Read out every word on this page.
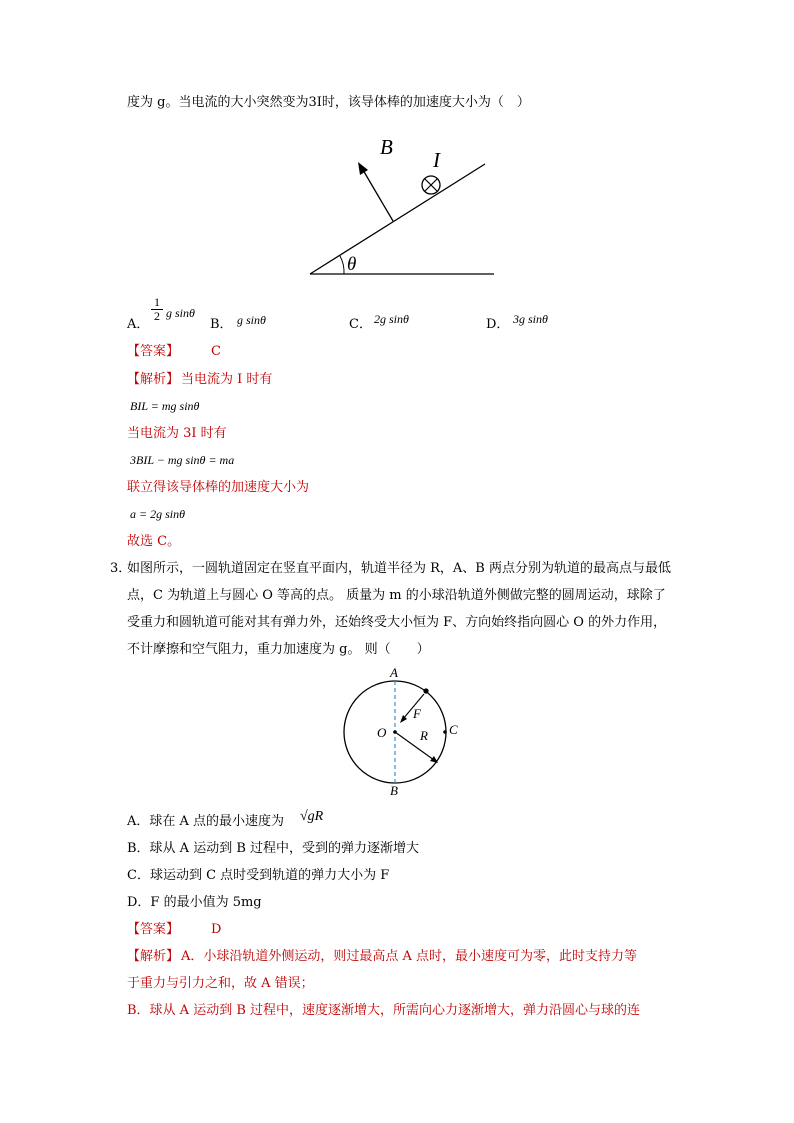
度为 g。当电流的大小突然变为3I时，该导体棒的加速度大小为（　）
B
I
θ
A．
1
2 g sinθ
B． g sinθ	C． 2g sinθ	D． 3g sinθ
【答案】 C
【解析】 当电流为 I 时有
BIL = mg sinθ
当电流为 3I 时有
3BIL − mg sinθ = ma
联立得该导体棒的加速度大小为
a = 2g sinθ
故选 C。
3．
如图所示，一圆轨道固定在竖直平面内，轨道半径为 R，A、B 两点分别为轨道的最高点与最低
点，C 为轨道上与圆心 O 等高的点。 质量为 m 的小球沿轨道外侧做完整的圆周运动，球除了
受重力和圆轨道可能对其有弹力外，还始终受大小恒为 F、方向始终指向圆心 O 的外力作用，
不计摩擦和空气阻力，重力加速度为 g。 则（　　）
A
B
C
O
F
R
A．球在 A 点的最小速度为 √gR
B．球从 A 运动到 B 过程中，受到的弹力逐渐增大
C．球运动到 C 点时受到轨道的弹力大小为 F
D．F 的最小值为 5mg
【答案】 D
【解析】 A．小球沿轨道外侧运动，则过最高点 A 点时，最小速度可为零，此时支持力等
于重力与引力之和，故 A 错误；
B．球从 A 运动到 B 过程中，速度逐渐增大，所需向心力逐渐增大，弹力沿圆心与球的连
